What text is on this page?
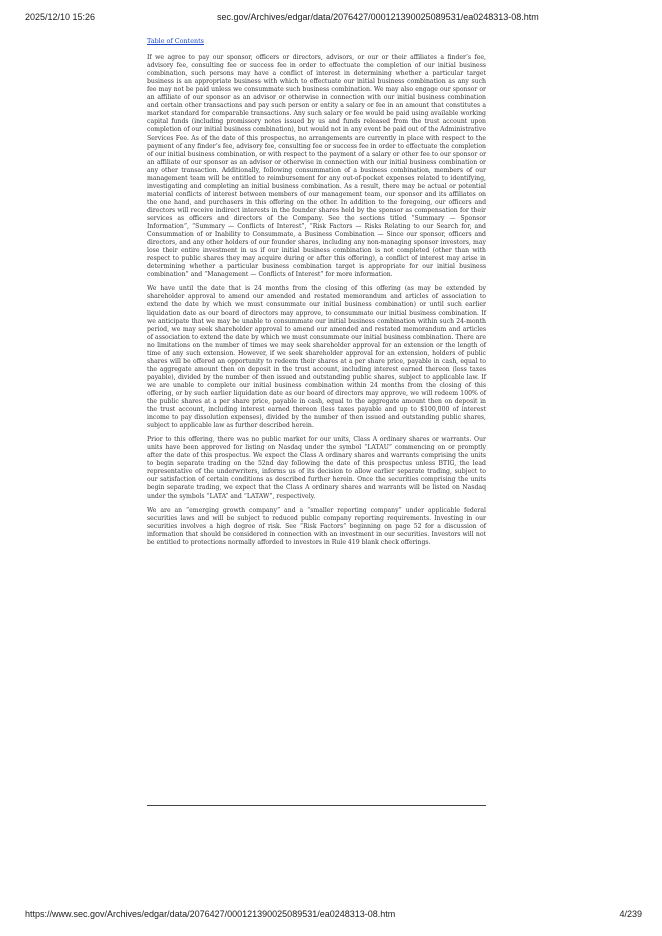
2025/12/10 15:26	sec.gov/Archives/edgar/data/2076427/000121390025089531/ea0248313-08.htm
Table of Contents

If we agree to pay our sponsor, officers or directors, advisors, or our or their affiliates a finder’s fee, advisory fee, consulting fee or success fee in order to effectuate the completion of our initial business combination, such persons may have a conflict of interest in determining whether a particular target business is an appropriate business with which to effectuate our initial business combination as any such fee may not be paid unless we consummate such business combination. We may also engage our sponsor or an affiliate of our sponsor as an advisor or otherwise in connection with our initial business combination and certain other transactions and pay such person or entity a salary or fee in an amount that constitutes a market standard for comparable transactions. Any such salary or fee would be paid using available working capital funds (including promissory notes issued by us and funds released from the trust account upon completion of our initial business combination), but would not in any event be paid out of the Administrative Services Fee. As of the date of this prospectus, no arrangements are currently in place with respect to the payment of any finder’s fee, advisory fee, consulting fee or success fee in order to effectuate the completion of our initial business combination, or with respect to the payment of a salary or other fee to our sponsor or an affiliate of our sponsor as an advisor or otherwise in connection with our initial business combination or any other transaction. Additionally, following consummation of a business combination, members of our management team will be entitled to reimbursement for any out-of-pocket expenses related to identifying, investigating and completing an initial business combination. As a result, there may be actual or potential material conflicts of interest between members of our management team, our sponsor and its affiliates on the one hand, and purchasers in this offering on the other. In addition to the foregoing, our officers and directors will receive indirect interests in the founder shares held by the sponsor as compensation for their services as officers and directors of the Company. See the sections titled “Summary — Sponsor Information”, “Summary — Conflicts of Interest”, “Risk Factors — Risks Relating to our Search for, and Consummation of or Inability to Consummate, a Business Combination — Since our sponsor, officers and directors, and any other holders of our founder shares, including any non-managing sponsor investors, may lose their entire investment in us if our initial business combination is not completed (other than with respect to public shares they may acquire during or after this offering), a conflict of interest may arise in determining whether a particular business combination target is appropriate for our initial business combination” and “Management — Conflicts of Interest” for more information.

We have until the date that is 24 months from the closing of this offering (as may be extended by shareholder approval to amend our amended and restated memorandum and articles of association to extend the date by which we must consummate our initial business combination) or until such earlier liquidation date as our board of directors may approve, to consummate our initial business combination. If we anticipate that we may be unable to consummate our initial business combination within such 24-month period, we may seek shareholder approval to amend our amended and restated memorandum and articles of association to extend the date by which we must consummate our initial business combination. There are no limitations on the number of times we may seek shareholder approval for an extension or the length of time of any such extension. However, if we seek shareholder approval for an extension, holders of public shares will be offered an opportunity to redeem their shares at a per share price, payable in cash, equal to the aggregate amount then on deposit in the trust account, including interest earned thereon (less taxes payable), divided by the number of then issued and outstanding public shares, subject to applicable law. If we are unable to complete our initial business combination within 24 months from the closing of this offering, or by such earlier liquidation date as our board of directors may approve, we will redeem 100% of the public shares at a per share price, payable in cash, equal to the aggregate amount then on deposit in the trust account, including interest earned thereon (less taxes payable and up to $100,000 of interest income to pay dissolution expenses), divided by the number of then issued and outstanding public shares, subject to applicable law as further described herein.

Prior to this offering, there was no public market for our units, Class A ordinary shares or warrants. Our units have been approved for listing on Nasdaq under the symbol “LATAU” commencing on or promptly after the date of this prospectus. We expect the Class A ordinary shares and warrants comprising the units to begin separate trading on the 52nd day following the date of this prospectus unless BTIG, the lead representative of the underwriters, informs us of its decision to allow earlier separate trading, subject to our satisfaction of certain conditions as described further herein. Once the securities comprising the units begin separate trading, we expect that the Class A ordinary shares and warrants will be listed on Nasdaq under the symbols “LATA” and “LATAW”, respectively.

We are an “emerging growth company” and a “smaller reporting company” under applicable federal securities laws and will be subject to reduced public company reporting requirements. Investing in our securities involves a high degree of risk. See “Risk Factors” beginning on page 52 for a discussion of information that should be considered in connection with an investment in our securities. Investors will not be entitled to protections normally afforded to investors in Rule 419 blank check offerings.

https://www.sec.gov/Archives/edgar/data/2076427/000121390025089531/ea0248313-08.htm	4/239
